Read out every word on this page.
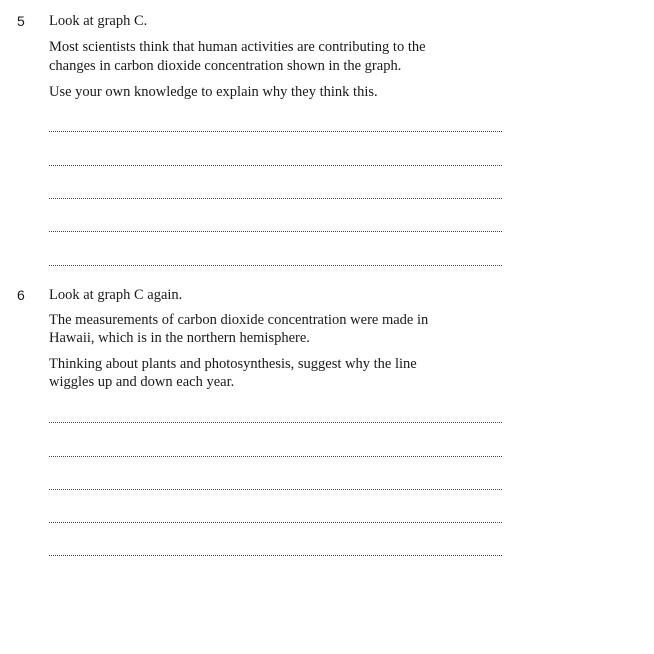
5 Look at graph C.
Most scientists think that human activities are contributing to the
changes in carbon dioxide concentration shown in the graph.
Use your own knowledge to explain why they think this.
6 Look at graph C again.
The measurements of carbon dioxide concentration were made in
Hawaii, which is in the northern hemisphere.
Thinking about plants and photosynthesis, suggest why the line
wiggles up and down each year.
